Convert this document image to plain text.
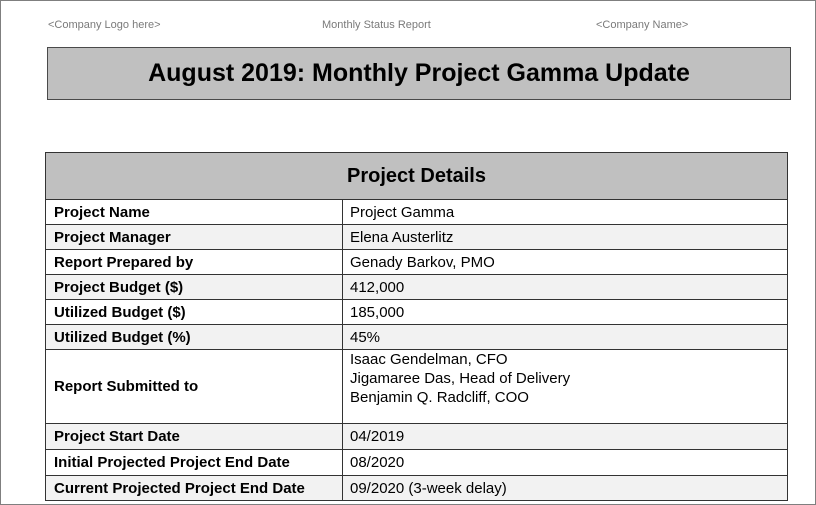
<Company Logo here>	Monthly Status Report	<Company Name>
August 2019: Monthly Project Gamma Update
Project Details
Project Name	Project Gamma
Project Manager	Elena Austerlitz
Report Prepared by	Genady Barkov, PMO
Project Budget ($)	412,000
Utilized Budget ($)	185,000
Utilized Budget (%)	45%
Report Submitted to
Isaac Gendelman, CFO
Jigamaree Das, Head of Delivery
Benjamin Q. Radcliff, COO
Project Start Date	04/2019
Initial Projected Project End Date	08/2020
Current Projected Project End Date	09/2020 (3-week delay)
